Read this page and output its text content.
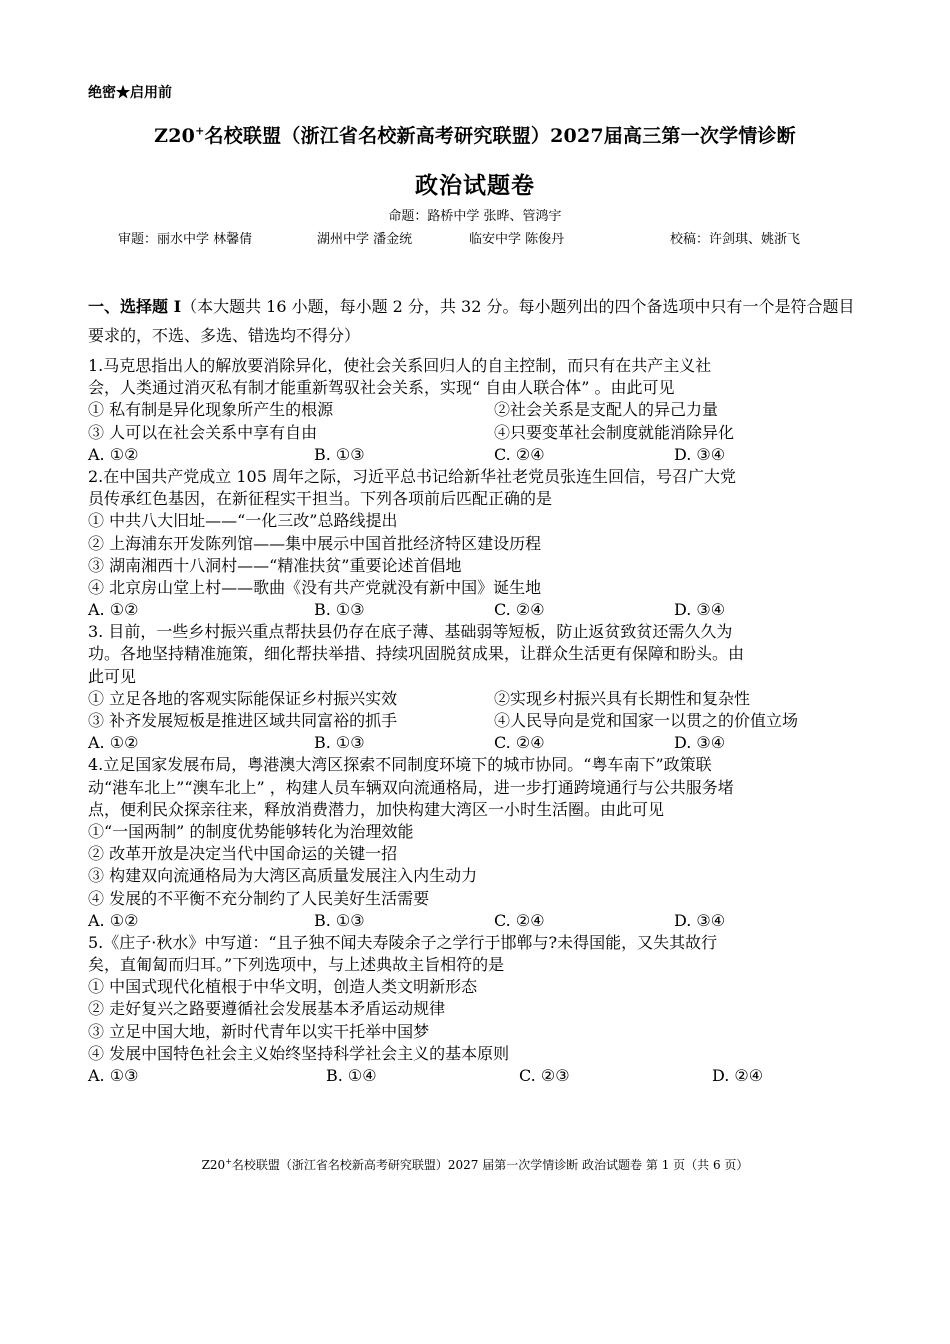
绝密★启用前
Z20+名校联盟（浙江省名校新高考研究联盟）2027届高三第一次学情诊断
政治试题卷
命题：路桥中学 张晔、管鸿宇
审题：丽水中学 林馨倩	湖州中学 潘金统	临安中学 陈俊丹	校稿：许剑琪、姚浙飞
一、选择题 I（本大题共 16 小题，每小题 2 分，共 32 分。每小题列出的四个备选项中只有一个是符合题目要求的，不选、多选、错选均不得分）
1.马克思指出人的解放要消除异化，使社会关系回归人的自主控制，而只有在共产主义社
会，人类通过消灭私有制才能重新驾驭社会关系，实现“ 自由人联合体” 。由此可见
① 私有制是异化现象所产生的根源	②社会关系是支配人的异己力量
③ 人可以在社会关系中享有自由	④只要变革社会制度就能消除异化
A. ①②	B. ①③	C. ②④	D. ③④
2.在中国共产党成立 105 周年之际，习近平总书记给新华社老党员张连生回信，号召广大党
员传承红色基因，在新征程实干担当。下列各项前后匹配正确的是
① 中共八大旧址——“一化三改”总路线提出
② 上海浦东开发陈列馆——集中展示中国首批经济特区建设历程
③ 湖南湘西十八洞村——“精准扶贫”重要论述首倡地
④ 北京房山堂上村——歌曲《没有共产党就没有新中国》诞生地
A. ①②	B. ①③	C. ②④	D. ③④
3. 目前，一些乡村振兴重点帮扶县仍存在底子薄、基础弱等短板，防止返贫致贫还需久久为
功。各地坚持精准施策，细化帮扶举措、持续巩固脱贫成果，让群众生活更有保障和盼头。由
此可见
① 立足各地的客观实际能保证乡村振兴实效	②实现乡村振兴具有长期性和复杂性
③ 补齐发展短板是推进区域共同富裕的抓手	④人民导向是党和国家一以贯之的价值立场
A. ①②	B. ①③	C. ②④	D. ③④
4.立足国家发展布局，粤港澳大湾区探索不同制度环境下的城市协同。“粤车南下”政策联
动“港车北上”“澳车北上” ，构建人员车辆双向流通格局，进一步打通跨境通行与公共服务堵
点，便利民众探亲往来，释放消费潜力，加快构建大湾区一小时生活圈。由此可见
①“一国两制” 的制度优势能够转化为治理效能
② 改革开放是决定当代中国命运的关键一招
③ 构建双向流通格局为大湾区高质量发展注入内生动力
④ 发展的不平衡不充分制约了人民美好生活需要
A. ①②	B. ①③	C. ②④	D. ③④
5.《庄子·秋水》中写道：“且子独不闻夫寿陵余子之学行于邯郸与?未得国能，又失其故行
矣，直匍匐而归耳。”下列选项中，与上述典故主旨相符的是
① 中国式现代化植根于中华文明，创造人类文明新形态
② 走好复兴之路要遵循社会发展基本矛盾运动规律
③ 立足中国大地，新时代青年以实干托举中国梦
④ 发展中国特色社会主义始终坚持科学社会主义的基本原则
A. ①③	B. ①④	C. ②③	D. ②④
Z20+名校联盟（浙江省名校新高考研究联盟）2027 届第一次学情诊断 政治试题卷 第 1 页（共 6 页）
